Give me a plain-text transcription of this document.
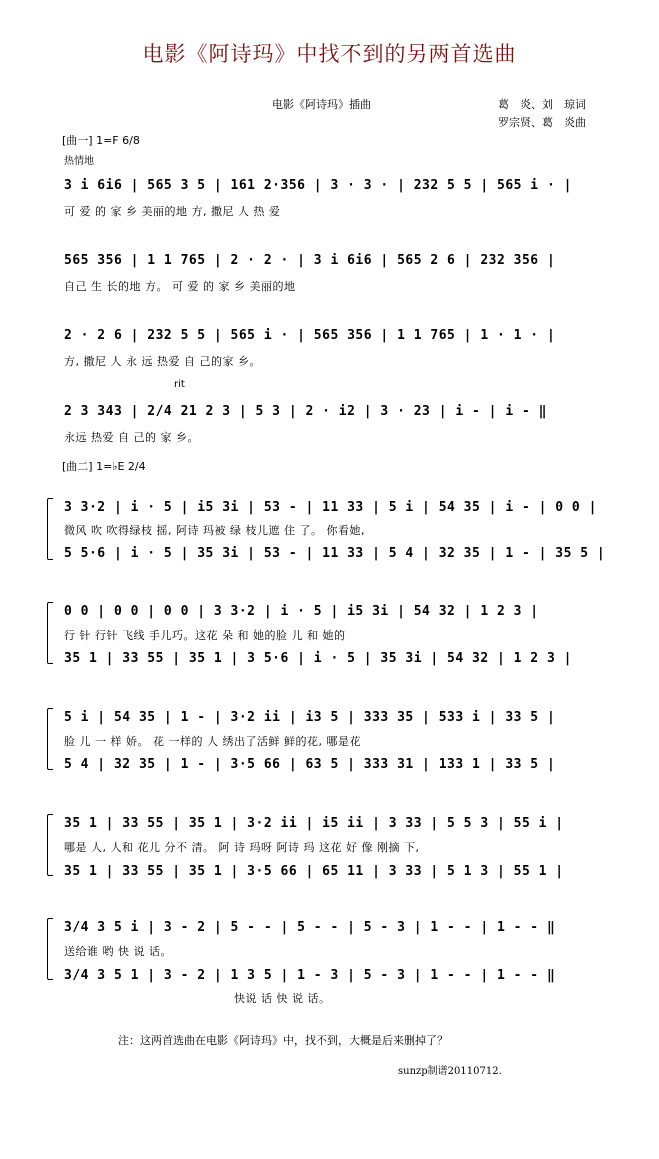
电影《阿诗玛》中找不到的另两首选曲
电影《阿诗玛》插曲	葛　炎、刘　琼词
罗宗贤、葛　炎曲
[曲一] 1=F 6/8
热情地
3 i 6i6 | 565 3 5 | 161 2·356 | 3 · 3 · | 232 5 5 | 565 i · |
可 爱 的 家 乡 美丽的地 方, 撒尼 人 热 爱
565 356 | 1 1 765 | 2 · 2 · | 3 i 6i6 | 565 2 6 | 232 356 |
自己 生 长的地 方。 可 爱 的 家 乡 美丽的地
2 · 2 6 | 232 5 5 | 565 i · | 565 356 | 1 1 765 | 1 · 1 · |
方, 撒尼 人 永 远 热爱 自 己的家 乡。
rit
2 3 343 | 2/4 21 2 3 | 5 3 | 2 · i2 | 3 · 23 | i - | i - ‖
永远 热爱 自 己的 家 乡。
[曲二] 1=♭E 2/4
3 3·2 | i · 5 | i5 3i | 53 - | 11 33 | 5 i | 54 35 | i - | 0 0 |
微风 吹 吹得绿枝 摇, 阿诗 玛被 绿 枝儿遮 住 了。 你看她,
5 5·6 | i · 5 | 35 3i | 53 - | 11 33 | 5 4 | 32 35 | 1 - | 35 5 |
0 0 | 0 0 | 0 0 | 3 3·2 | i · 5 | i5 3i | 54 32 | 1 2 3 |
行 针 行针 飞线 手儿巧。这花 朵 和 她的脸 儿 和 她的
35 1 | 33 55 | 35 1 | 3 5·6 | i · 5 | 35 3i | 54 32 | 1 2 3 |
5 i | 54 35 | 1 - | 3·2 ii | i3 5 | 333 35 | 533 i | 33 5 |
脸 儿 一 样 娇。 花 一样的 人 绣出了活鲜 鲜的花, 哪是花
5 4 | 32 35 | 1 - | 3·5 66 | 63 5 | 333 31 | 133 1 | 33 5 |
35 1 | 33 55 | 35 1 | 3·2 ii | i5 ii | 3 33 | 5 5 3 | 55 i |
哪是 人, 人和 花儿 分不 清。 阿 诗 玛呀 阿诗 玛 这花 好 像 刚摘 下,
35 1 | 33 55 | 35 1 | 3·5 66 | 65 11 | 3 33 | 5 1 3 | 55 1 |
3/4 3 5 i | 3 - 2 | 5 - - | 5 - - | 5 - 3 | 1 - - | 1 - - ‖
送给谁 哟 快 说 话。
3/4 3 5 1 | 3 - 2 | 1 3 5 | 1 - 3 | 5 - 3 | 1 - - | 1 - - ‖
快说 话 快 说 话。
注：这两首选曲在电影《阿诗玛》中，找不到，大概是后来删掉了？
sunzp制谱20110712.
